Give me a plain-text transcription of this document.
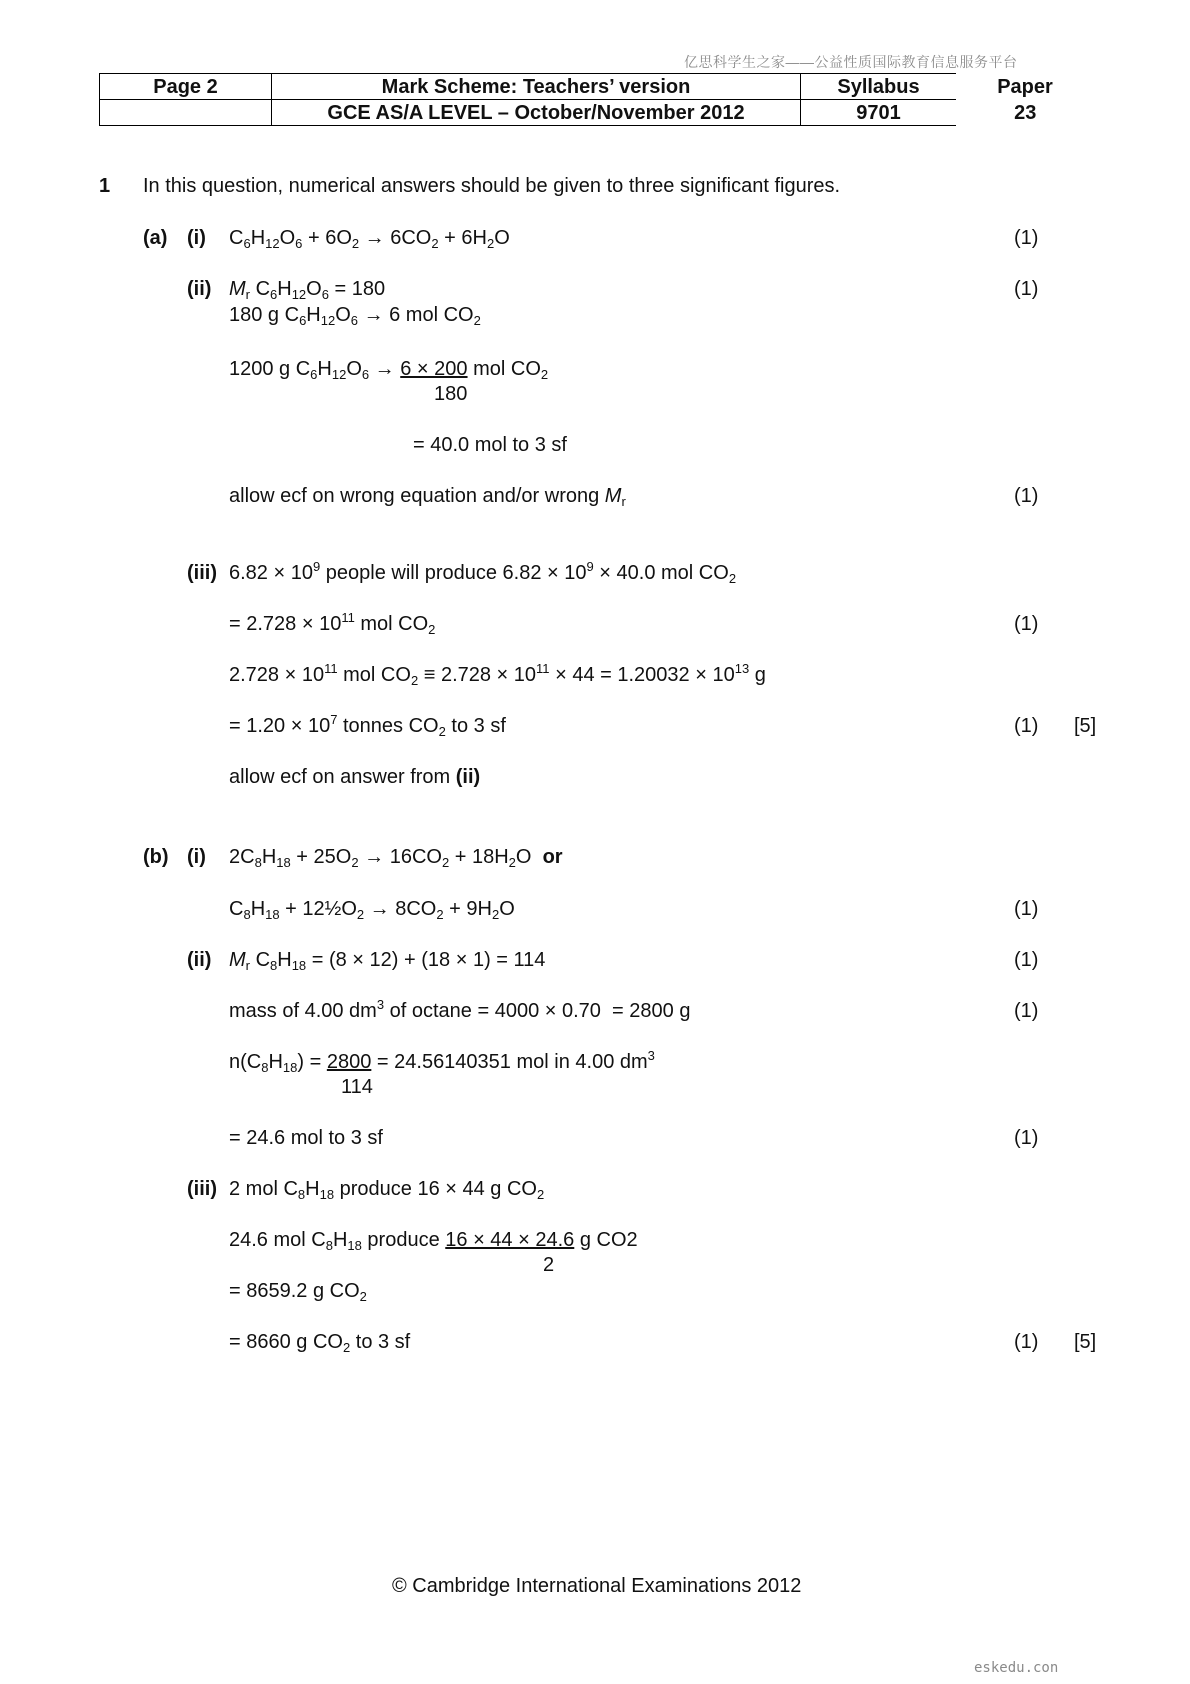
亿思科学生之家——公益性质国际教育信息服务平台
Page 2	Mark Scheme: Teachers’ version	Syllabus	Paper
	GCE AS/A LEVEL – October/November 2012	9701	23
1 In this question, numerical answers should be given to three significant figures.
(a) (i) $C_6H_{12}O_6 + 6O_2 \to 6CO_2 + 6H_2O$	(1)
(ii) $M_r$ $C_6H_{12}O_6 = 180$	(1)
180 g $C_6H_{12}O_6 \to 6$ mol $CO_2$
1200 g $C_6H_{12}O_6 \to 6 \times 200$ mol $CO_2$
180
= 40.0 mol to 3 sf
allow ecf on wrong equation and/or wrong $M_r$	(1)
(iii) $6.82 \times 10^9$ people will produce $6.82 \times 10^9 \times 40.0$ mol $CO_2$
= $2.728 \times 10^{11}$ mol $CO_2$	(1)
$2.728 \times 10^{11}$ mol $CO_2 \equiv 2.728 \times 10^{11} \times 44 = 1.20032 \times 10^{13}$ g
= $1.20 \times 10^7$ tonnes $CO_2$ to 3 sf	(1) [5]
allow ecf on answer from (ii)
(b) (i) $2C_8H_{18} + 25O_2 \to 16CO_2 + 18H_2O$  or
$C_8H_{18}$ + $12\frac{1}{2}O_2 \to 8CO_2 + 9H_2O$	(1)
(ii) $M_r$ $C_8H_{18} = (8 \times 12) + (18 \times 1) = 114$	(1)
mass of 4.00 $dm^3$ of octane = 4000 × 0.70  = 2800 g	(1)
$n(C_8H_{18}) = 2800 = 24.56140351$ mol in 4.00 $dm^3$
114
= 24.6 mol to 3 sf	(1)
(iii) 2 mol $C_8H_{18}$ produce 16 × 44 g $CO_2$
24.6 mol $C_8H_{18}$ produce 16 × 44 × 24.6 g CO2
2
= 8659.2 g $CO_2$
= 8660 g $CO_2$ to 3 sf	(1) [5]
© Cambridge International Examinations 2012
eskedu.con
